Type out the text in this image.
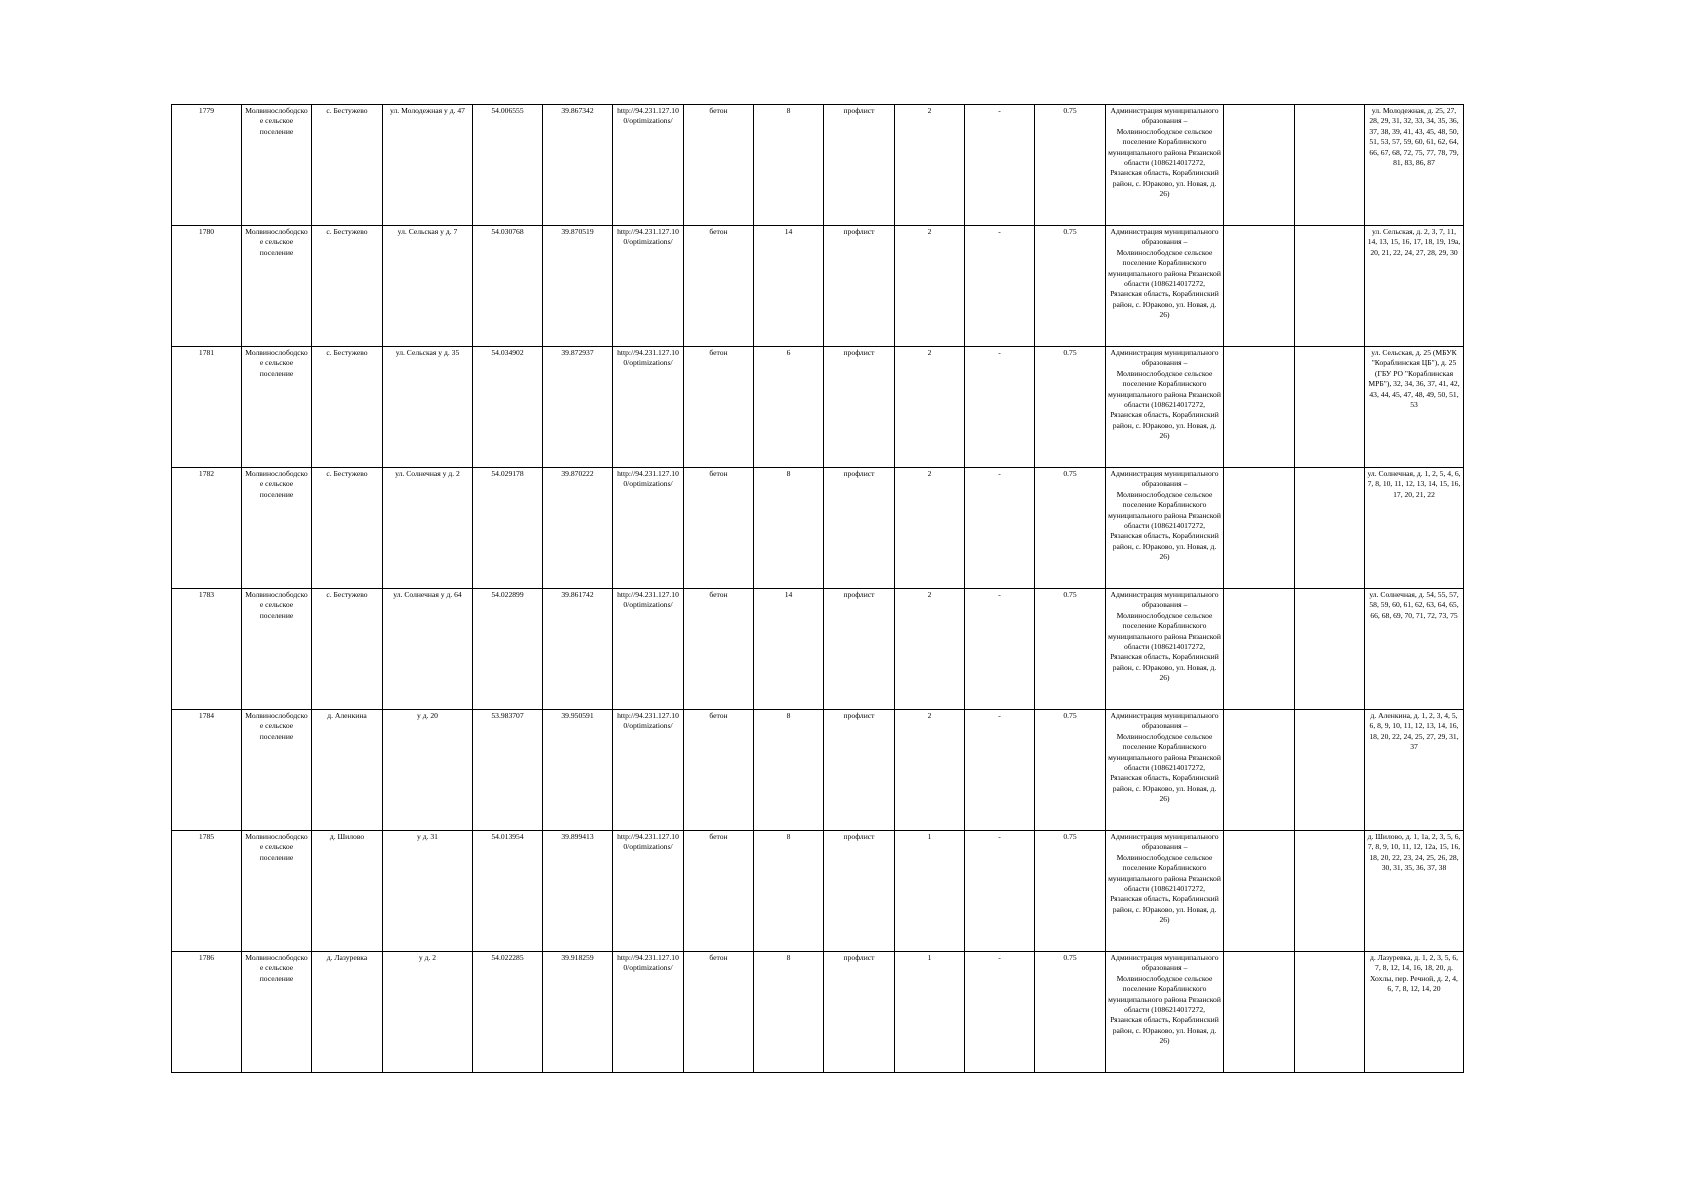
1779	Молвинослободское сельское поселение	с. Бестужево	ул. Молодежная у д. 47	54.006555	39.867342	http://94.231.127.10 0/optimizations/	бетон	8	профлист	2	-	0.75	Администрация муниципального образования – Молвинослободское сельское поселение Кораблинского муниципального района Рязанской области (1086214017272, Рязанская область, Кораблинский район, с. Юраково, ул. Новая, д. 26)			ул. Молодежная, д. 25, 27, 28, 29, 31, 32, 33, 34, 35, 36, 37, 38, 39, 41, 43, 45, 48, 50, 51, 53, 57, 59, 60, 61, 62, 64, 66, 67, 68, 72, 75, 77, 78, 79, 81, 83, 86, 87
1780	Молвинослободское сельское поселение	с. Бестужево	ул. Сельская у д. 7	54.030768	39.870519	http://94.231.127.10 0/optimizations/	бетон	14	профлист	2	-	0.75	Администрация муниципального образования – Молвинослободское сельское поселение Кораблинского муниципального района Рязанской области (1086214017272, Рязанская область, Кораблинский район, с. Юраково, ул. Новая, д. 26)			ул. Сельская, д. 2, 3, 7, 11, 14, 13, 15, 16, 17, 18, 19, 19а, 20, 21, 22, 24, 27, 28, 29, 30
1781	Молвинослободское сельское поселение	с. Бестужево	ул. Сельская у д. 35	54.034902	39.872937	http://94.231.127.10 0/optimizations/	бетон	6	профлист	2	-	0.75	Администрация муниципального образования – Молвинослободское сельское поселение Кораблинского муниципального района Рязанской области (1086214017272, Рязанская область, Кораблинский район, с. Юраково, ул. Новая, д. 26)			ул. Сельская, д. 25 (МБУК "Кораблинская ЦБ"), д. 25 (ГБУ РО "Кораблинская МРБ"), 32, 34, 36, 37, 41, 42, 43, 44, 45, 47, 48, 49, 50, 51, 53
1782	Молвинослободское сельское поселение	с. Бестужево	ул. Солнечная у д. 2	54.029178	39.870222	http://94.231.127.10 0/optimizations/	бетон	8	профлист	2	-	0.75	Администрация муниципального образования – Молвинослободское сельское поселение Кораблинского муниципального района Рязанской области (1086214017272, Рязанская область, Кораблинский район, с. Юраково, ул. Новая, д. 26)			ул. Солнечная, д. 1, 2, 5, 4, 6, 7, 8, 10, 11, 12, 13, 14, 15, 16, 17, 20, 21, 22
1783	Молвинослободское сельское поселение	с. Бестужево	ул. Солнечная у д. 64	54.022899	39.861742	http://94.231.127.10 0/optimizations/	бетон	14	профлист	2	-	0.75	Администрация муниципального образования – Молвинослободское сельское поселение Кораблинского муниципального района Рязанской области (1086214017272, Рязанская область, Кораблинский район, с. Юраково, ул. Новая, д. 26)			ул. Солнечная, д. 54, 55, 57, 58, 59, 60, 61, 62, 63, 64, 65, 66, 68, 69, 70, 71, 72, 73, 75
1784	Молвинослободское сельское поселение	д. Аленкина	у д. 20	53.983707	39.950591	http://94.231.127.10 0/optimizations/	бетон	8	профлист	2	-	0.75	Администрация муниципального образования – Молвинослободское сельское поселение Кораблинского муниципального района Рязанской области (1086214017272, Рязанская область, Кораблинский район, с. Юраково, ул. Новая, д. 26)			д. Аленкина, д. 1, 2, 3, 4, 5, 6, 8, 9, 10, 11, 12, 13, 14, 16, 18, 20, 22, 24, 25, 27, 29, 31, 37
1785	Молвинослободское сельское поселение	д. Шилово	у д. 31	54.013954	39.899413	http://94.231.127.10 0/optimizations/	бетон	8	профлист	1	-	0.75	Администрация муниципального образования – Молвинослободское сельское поселение Кораблинского муниципального района Рязанской области (1086214017272, Рязанская область, Кораблинский район, с. Юраково, ул. Новая, д. 26)			д. Шилово, д. 1, 1а, 2, 3, 5, 6, 7, 8, 9, 10, 11, 12, 12а, 15, 16, 18, 20, 22, 23, 24, 25, 26, 28, 30, 31, 35, 36, 37, 38
1786	Молвинослободское сельское поселение	д. Лазуревка	у д. 2	54.022285	39.918259	http://94.231.127.10 0/optimizations/	бетон	8	профлист	1	-	0.75	Администрация муниципального образования – Молвинослободское сельское поселение Кораблинского муниципального района Рязанской области (1086214017272, Рязанская область, Кораблинский район, с. Юраково, ул. Новая, д. 26)			д. Лазуревка, д. 1, 2, 3, 5, 6, 7, 8, 12, 14, 16, 18, 20, д. Хохлы, пер. Речной, д. 2, 4, 6, 7, 8, 12, 14, 20
